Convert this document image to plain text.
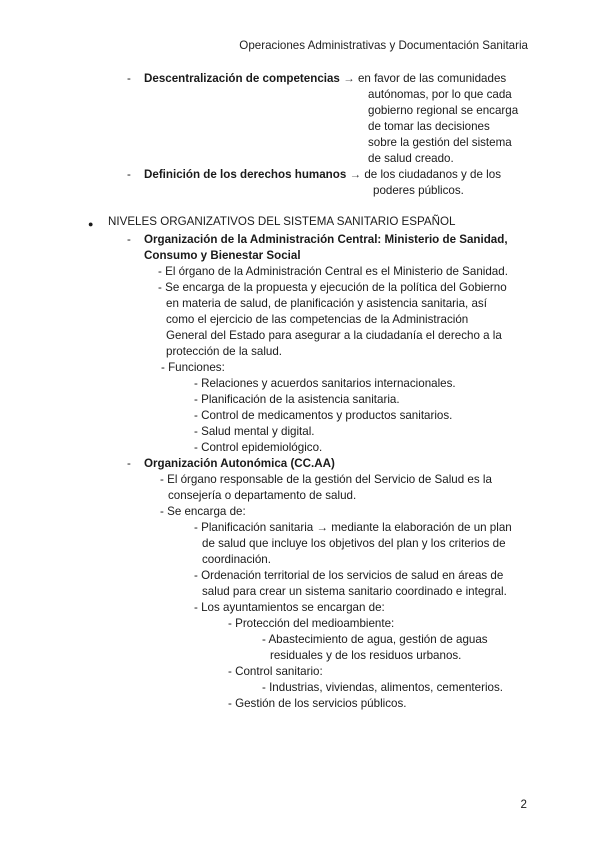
Operaciones Administrativas y Documentación Sanitaria
- Descentralización de competencias → en favor de las comunidades
autónomas, por lo que cada
gobierno regional se encarga
de tomar las decisiones
sobre la gestión del sistema
de salud creado.
- Definición de los derechos humanos → de los ciudadanos y de los
poderes públicos.
● NIVELES ORGANIZATIVOS DEL SISTEMA SANITARIO ESPAÑOL
- Organización de la Administración Central: Ministerio de Sanidad,
Consumo y Bienestar Social
- El órgano de la Administración Central es el Ministerio de Sanidad.
- Se encarga de la propuesta y ejecución de la política del Gobierno
en materia de salud, de planificación y asistencia sanitaria, así
como el ejercicio de las competencias de la Administración
General del Estado para asegurar a la ciudadanía el derecho a la
protección de la salud.
- Funciones:
- Relaciones y acuerdos sanitarios internacionales.
- Planificación de la asistencia sanitaria.
- Control de medicamentos y productos sanitarios.
- Salud mental y digital.
- Control epidemiológico.
- Organización Autonómica (CC.AA)
- El órgano responsable de la gestión del Servicio de Salud es la
consejería o departamento de salud.
- Se encarga de:
- Planificación sanitaria → mediante la elaboración de un plan
de salud que incluye los objetivos del plan y los criterios de
coordinación.
- Ordenación territorial de los servicios de salud en áreas de
salud para crear un sistema sanitario coordinado e integral.
- Los ayuntamientos se encargan de:
- Protección del medioambiente:
- Abastecimiento de agua, gestión de aguas
residuales y de los residuos urbanos.
- Control sanitario:
- Industrias, viviendas, alimentos, cementerios.
- Gestión de los servicios públicos.
2
